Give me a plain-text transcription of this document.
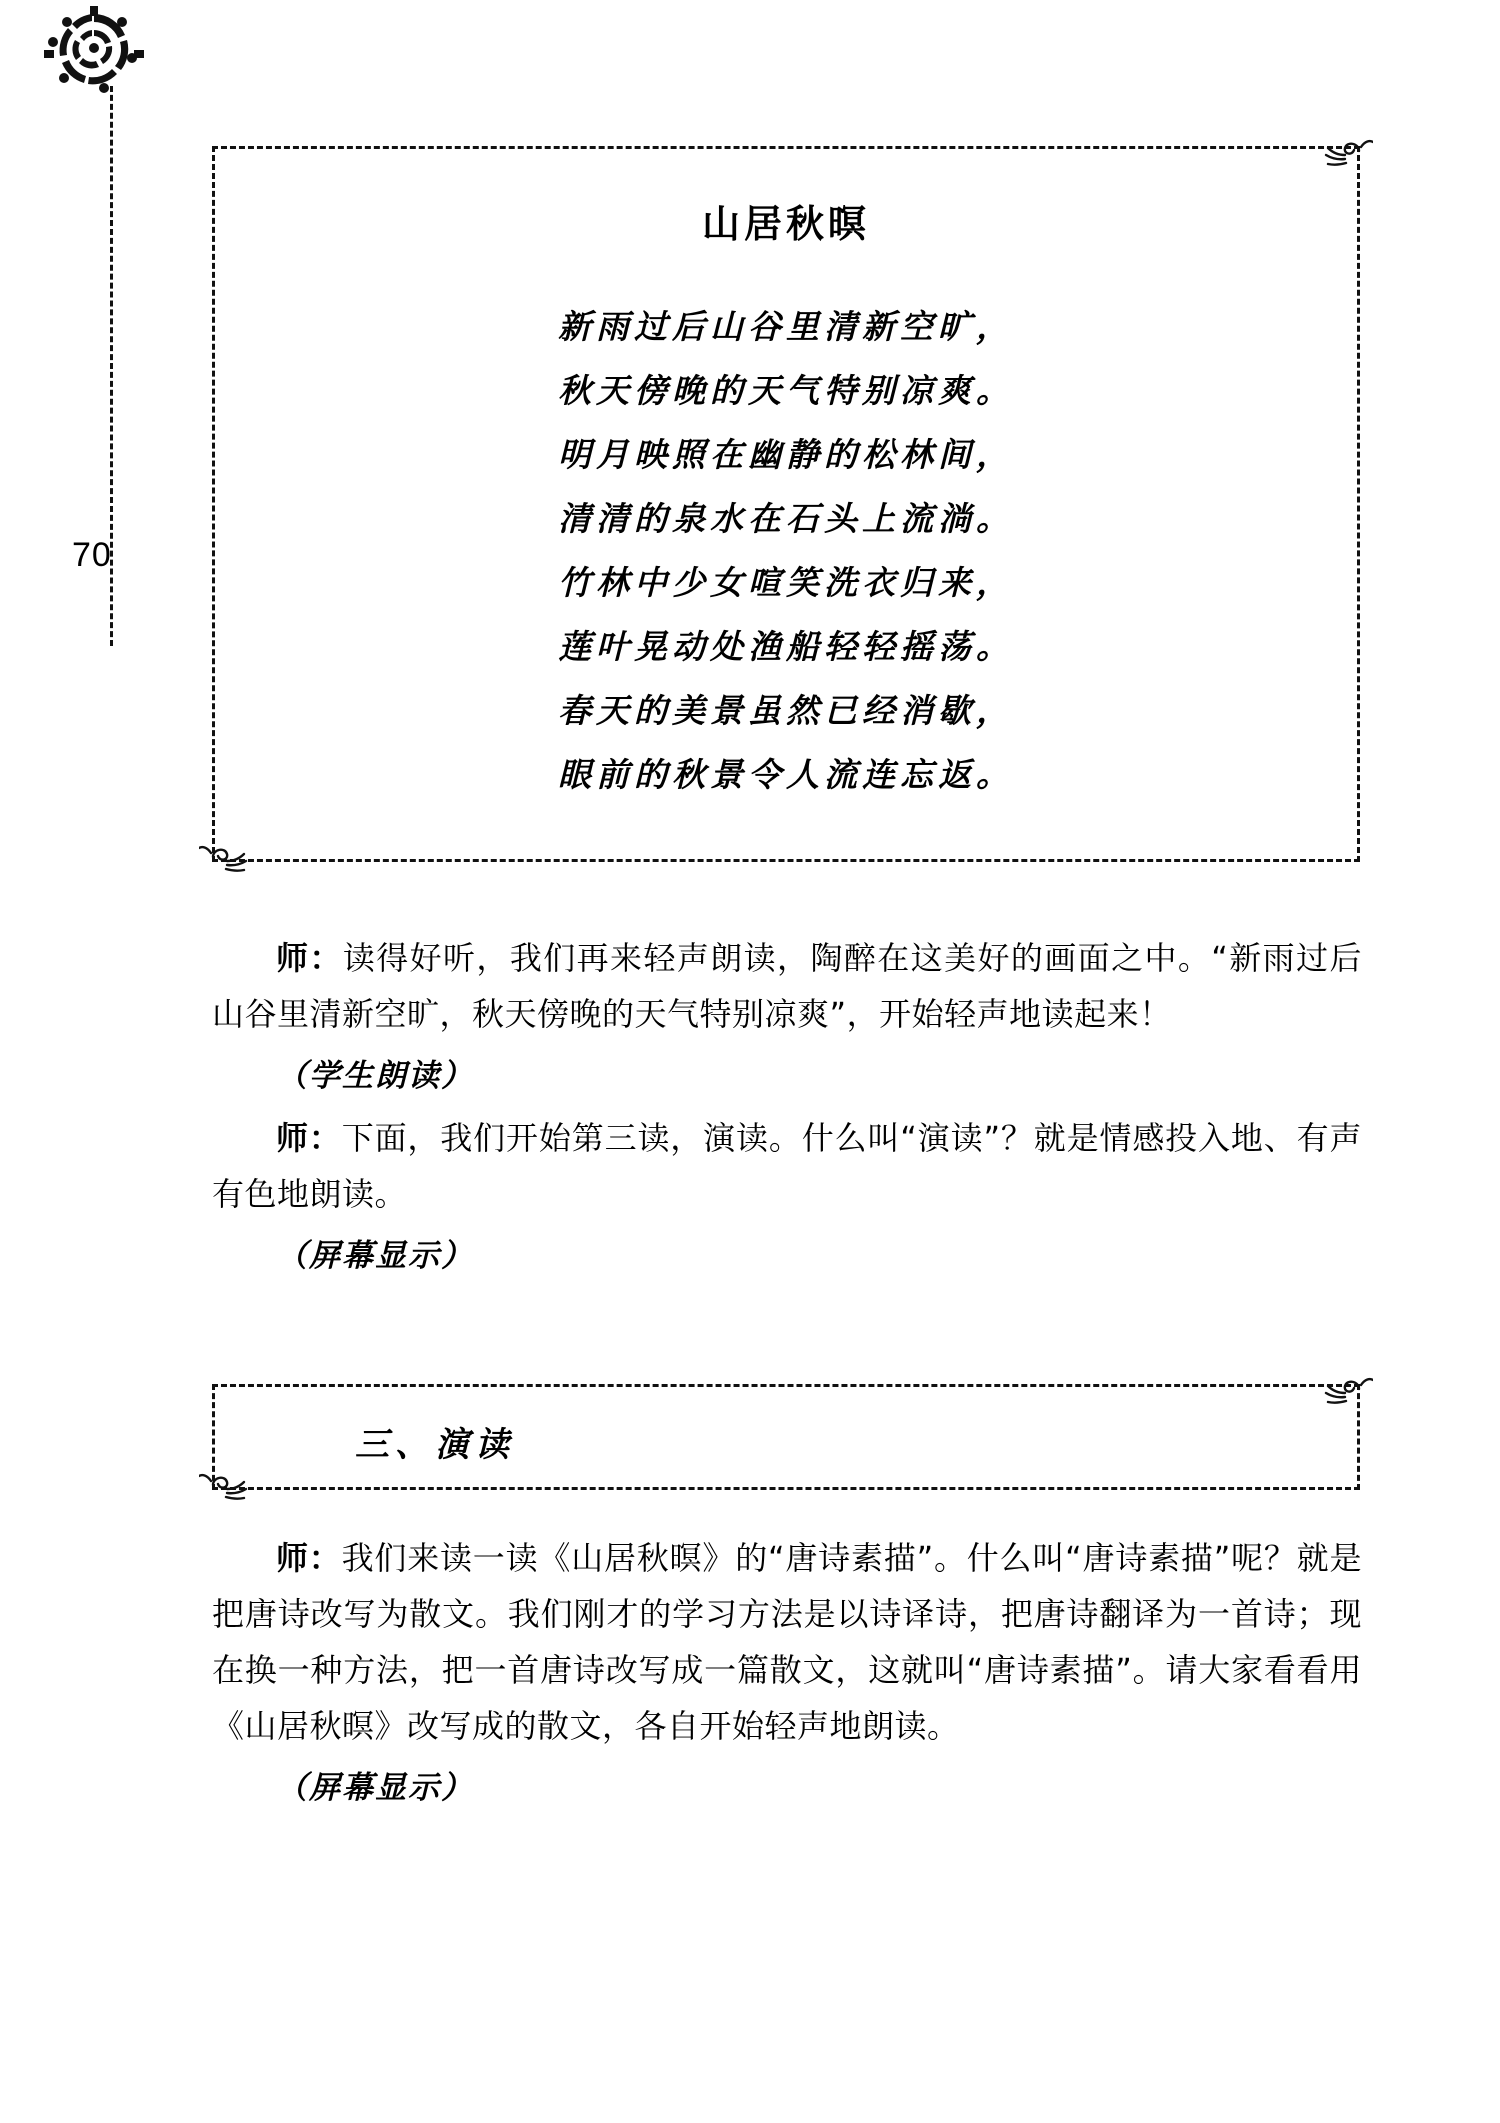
70
山居秋暝
新雨过后山谷里清新空旷，
秋天傍晚的天气特别凉爽。
明月映照在幽静的松林间，
清清的泉水在石头上流淌。
竹林中少女喧笑洗衣归来，
莲叶晃动处渔船轻轻摇荡。
春天的美景虽然已经消歇，
眼前的秋景令人流连忘返。

师：读得好听，我们再来轻声朗读，陶醉在这美好的画面之中。“新雨过后山谷里清新空旷，秋天傍晚的天气特别凉爽”，开始轻声地读起来！

（学生朗读）

师：下面，我们开始第三读，演读。什么叫“演读”？就是情感投入地、有声有色地朗读。

（屏幕显示）

三、演读

师：我们来读一读《山居秋暝》的“唐诗素描”。什么叫“唐诗素描”呢？就是把唐诗改写为散文。我们刚才的学习方法是以诗译诗，把唐诗翻译为一首诗；现在换一种方法，把一首唐诗改写成一篇散文，这就叫“唐诗素描”。请大家看看用《山居秋暝》改写成的散文，各自开始轻声地朗读。

（屏幕显示）
